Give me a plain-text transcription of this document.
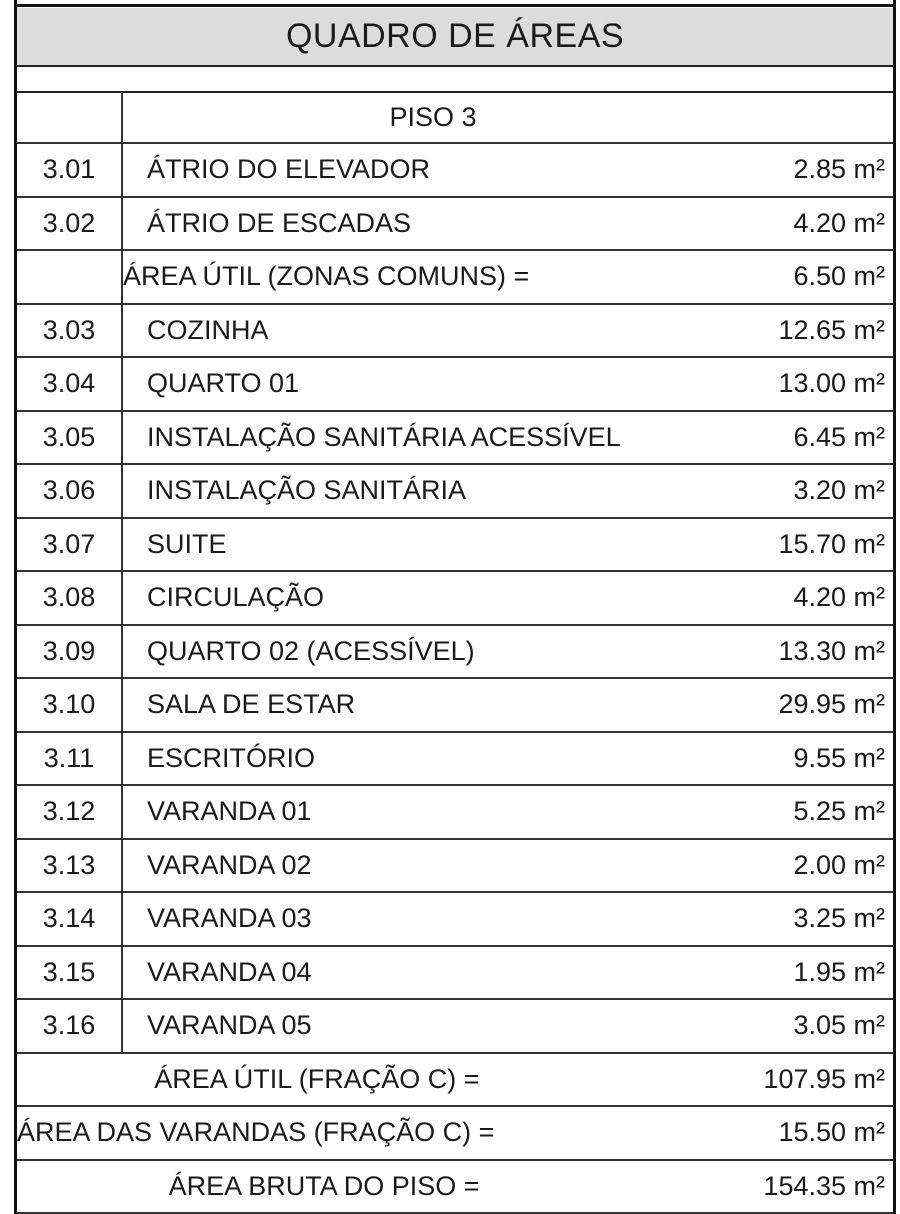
QUADRO DE ÁREAS
	PISO 3	
3.01	ÁTRIO DO ELEVADOR	2.85 m²
3.02	ÁTRIO DE ESCADAS	4.20 m²
	ÁREA ÚTIL (ZONAS COMUNS) =	6.50 m²
3.03	COZINHA	12.65 m²
3.04	QUARTO 01	13.00 m²
3.05	INSTALAÇÃO SANITÁRIA ACESSÍVEL	6.45 m²
3.06	INSTALAÇÃO SANITÁRIA	3.20 m²
3.07	SUITE	15.70 m²
3.08	CIRCULAÇÃO	4.20 m²
3.09	QUARTO 02 (ACESSÍVEL)	13.30 m²
3.10	SALA DE ESTAR	29.95 m²
3.11	ESCRITÓRIO	9.55 m²
3.12	VARANDA 01	5.25 m²
3.13	VARANDA 02	2.00 m²
3.14	VARANDA 03	3.25 m²
3.15	VARANDA 04	1.95 m²
3.16	VARANDA 05	3.05 m²
ÁREA ÚTIL (FRAÇÃO C) =		107.95 m²
ÁREA DAS VARANDAS (FRAÇÃO C) =		15.50 m²
ÁREA BRUTA DO PISO =		154.35 m²
